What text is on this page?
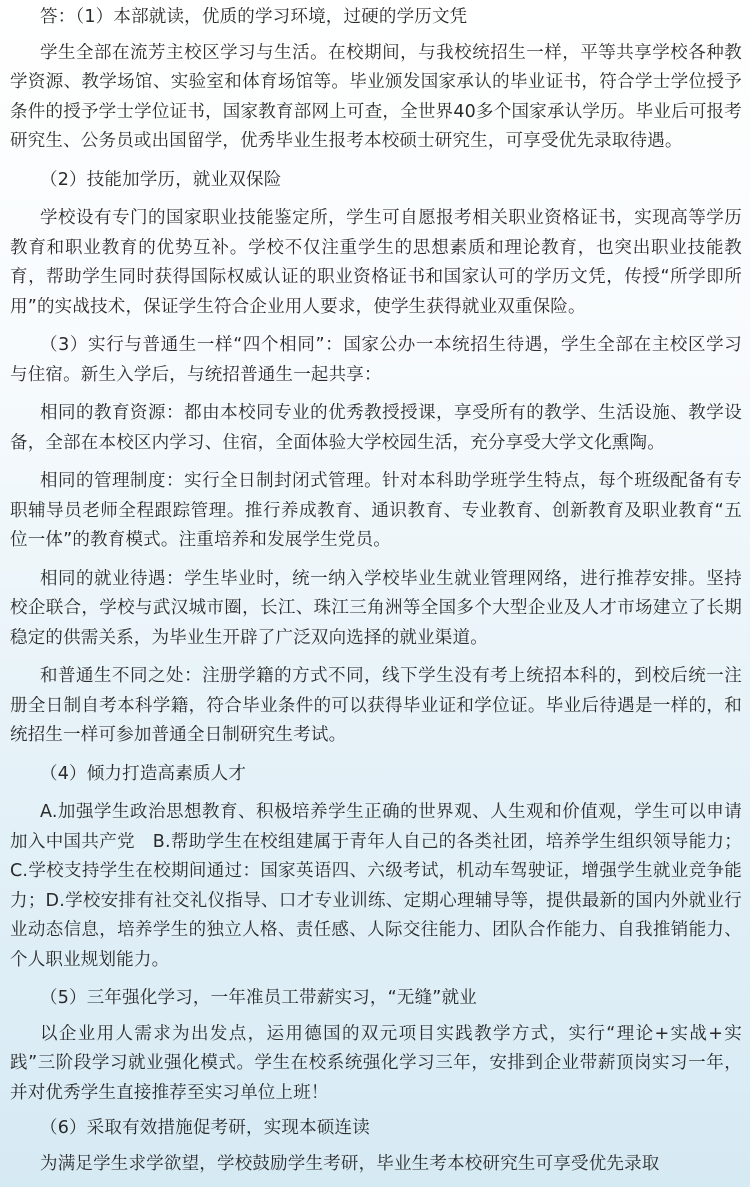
答：（1）本部就读，优质的学习环境，过硬的学历文凭

学生全部在流芳主校区学习与生活。在校期间，与我校统招生一样，平等共享学校各种教学资源、教学场馆、实验室和体育场馆等。毕业颁发国家承认的毕业证书，符合学士学位授予条件的授予学士学位证书，国家教育部网上可查，全世界40多个国家承认学历。毕业后可报考研究生、公务员或出国留学，优秀毕业生报考本校硕士研究生，可享受优先录取待遇。

（2）技能加学历，就业双保险

学校设有专门的国家职业技能鉴定所，学生可自愿报考相关职业资格证书，实现高等学历教育和职业教育的优势互补。学校不仅注重学生的思想素质和理论教育，也突出职业技能教育，帮助学生同时获得国际权威认证的职业资格证书和国家认可的学历文凭，传授“所学即所用”的实战技术，保证学生符合企业用人要求，使学生获得就业双重保险。

（3）实行与普通生一样“四个相同”：国家公办一本统招生待遇，学生全部在主校区学习与住宿。新生入学后，与统招普通生一起共享：

相同的教育资源：都由本校同专业的优秀教授授课，享受所有的教学、生活设施、教学设备，全部在本校区内学习、住宿，全面体验大学校园生活，充分享受大学文化熏陶。

相同的管理制度：实行全日制封闭式管理。针对本科助学班学生特点，每个班级配备有专职辅导员老师全程跟踪管理。推行养成教育、通识教育、专业教育、创新教育及职业教育“五位一体”的教育模式。注重培养和发展学生党员。

相同的就业待遇：学生毕业时，统一纳入学校毕业生就业管理网络，进行推荐安排。坚持校企联合，学校与武汉城市圈，长江、珠江三角洲等全国多个大型企业及人才市场建立了长期稳定的供需关系，为毕业生开辟了广泛双向选择的就业渠道。

和普通生不同之处：注册学籍的方式不同，线下学生没有考上统招本科的，到校后统一注册全日制自考本科学籍，符合毕业条件的可以获得毕业证和学位证。毕业后待遇是一样的，和统招生一样可参加普通全日制研究生考试。

（4）倾力打造高素质人才

A.加强学生政治思想教育、积极培养学生正确的世界观、人生观和价值观，学生可以申请加入中国共产党　B.帮助学生在校组建属于青年人自己的各类社团，培养学生组织领导能力；C.学校支持学生在校期间通过：国家英语四、六级考试，机动车驾驶证，增强学生就业竞争能力；D.学校安排有社交礼仪指导、口才专业训练、定期心理辅导等，提供最新的国内外就业行业动态信息，培养学生的独立人格、责任感、人际交往能力、团队合作能力、自我推销能力、个人职业规划能力。

（5）三年强化学习，一年准员工带薪实习，“无缝”就业

以企业用人需求为出发点，运用德国的双元项目实践教学方式，实行“理论+实战+实践”三阶段学习就业强化模式。学生在校系统强化学习三年，安排到企业带薪顶岗实习一年，并对优秀学生直接推荐至实习单位上班！

（6）采取有效措施促考研，实现本硕连读

为满足学生求学欲望，学校鼓励学生考研，毕业生考本校研究生可享受优先录取
